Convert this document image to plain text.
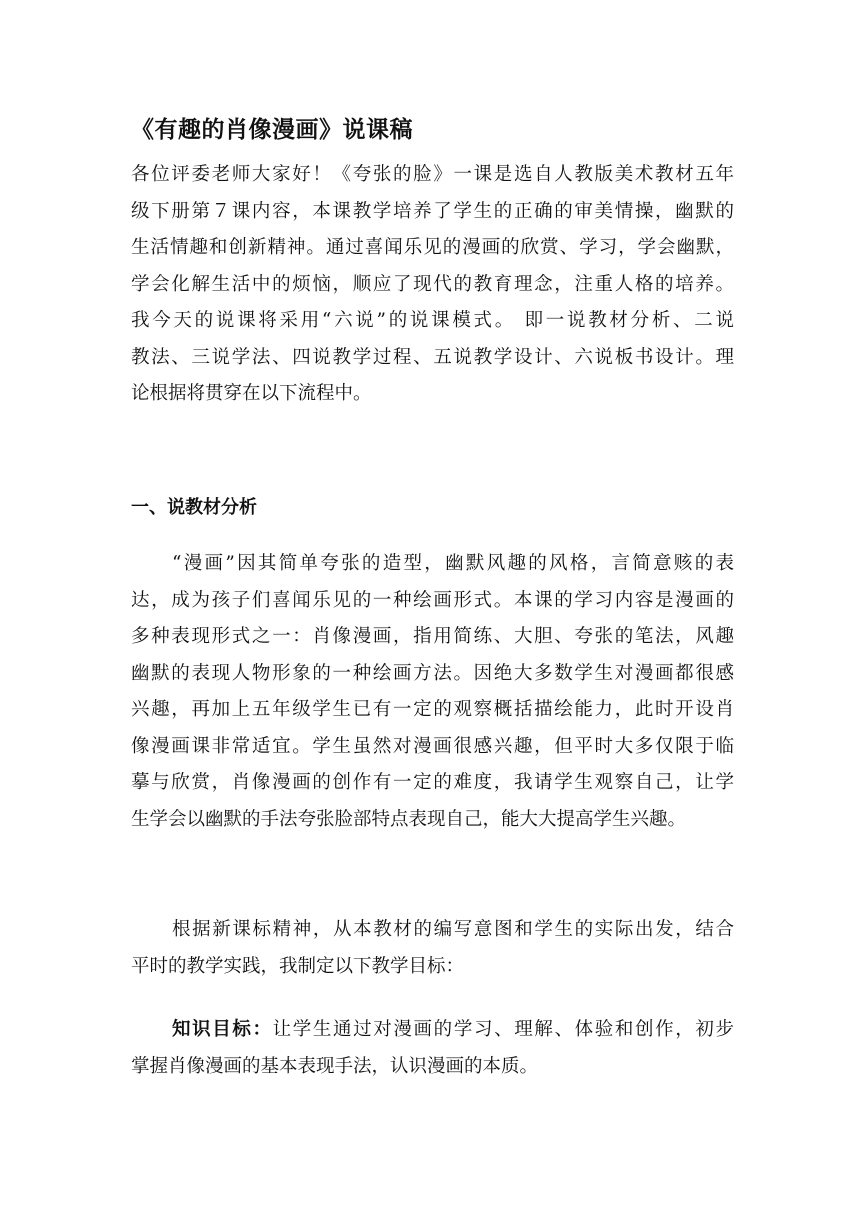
《有趣的肖像漫画》说课稿
各位评委老师大家好！《夸张的脸》一课是选自人教版美术教材五年
级下册第７课内容，本课教学培养了学生的正确的审美情操，幽默的
生活情趣和创新精神。通过喜闻乐见的漫画的欣赏、学习，学会幽默，
学会化解生活中的烦恼，顺应了现代的教育理念，注重人格的培养。
我今天的说课将采用“六说”的说课模式。 即一说教材分析、二说
教法、三说学法、四说教学过程、五说教学设计、六说板书设计。理
论根据将贯穿在以下流程中。
一、说教材分析
“漫画”因其简单夸张的造型，幽默风趣的风格，言简意赅的表
达，成为孩子们喜闻乐见的一种绘画形式。本课的学习内容是漫画的
多种表现形式之一：肖像漫画，指用简练、大胆、夸张的笔法，风趣
幽默的表现人物形象的一种绘画方法。因绝大多数学生对漫画都很感
兴趣，再加上五年级学生已有一定的观察概括描绘能力，此时开设肖
像漫画课非常适宜。学生虽然对漫画很感兴趣，但平时大多仅限于临
摹与欣赏，肖像漫画的创作有一定的难度，我请学生观察自己，让学
生学会以幽默的手法夸张脸部特点表现自己，能大大提高学生兴趣。
根据新课标精神，从本教材的编写意图和学生的实际出发，结合
平时的教学实践，我制定以下教学目标：
知识目标：让学生通过对漫画的学习、理解、体验和创作，初步
掌握肖像漫画的基本表现手法，认识漫画的本质。
